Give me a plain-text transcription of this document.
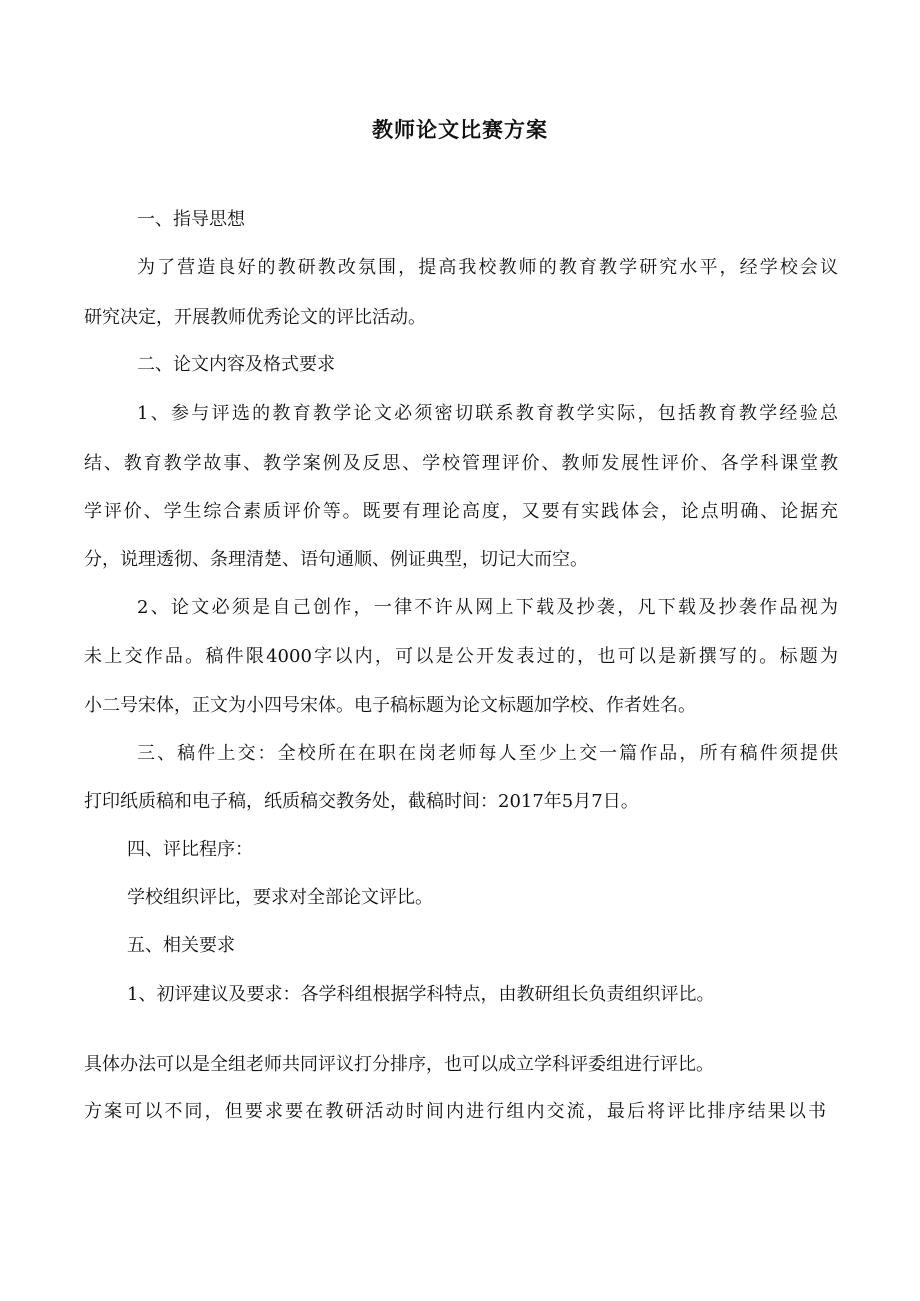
教师论文比赛方案
一、指导思想
为了营造良好的教研教改氛围，提高我校教师的教育教学研究水平，经学校会议
研究决定，开展教师优秀论文的评比活动。
二、论文内容及格式要求
1、参与评选的教育教学论文必须密切联系教育教学实际，包括教育教学经验总
结、教育教学故事、教学案例及反思、学校管理评价、教师发展性评价、各学科课堂教
学评价、学生综合素质评价等。既要有理论高度，又要有实践体会，论点明确、论据充
分，说理透彻、条理清楚、语句通顺、例证典型，切记大而空。
2、论文必须是自己创作，一律不许从网上下载及抄袭，凡下载及抄袭作品视为
未上交作品。稿件限4000字以内，可以是公开发表过的，也可以是新撰写的。标题为
小二号宋体，正文为小四号宋体。电子稿标题为论文标题加学校、作者姓名。
三、稿件上交：全校所在在职在岗老师每人至少上交一篇作品，所有稿件须提供
打印纸质稿和电子稿，纸质稿交教务处，截稿时间：2017年5月7日。
四、评比程序：
学校组织评比，要求对全部论文评比。
五、相关要求
1、初评建议及要求：各学科组根据学科特点，由教研组长负责组织评比。
具体办法可以是全组老师共同评议打分排序，也可以成立学科评委组进行评比。
方案可以不同，但要求要在教研活动时间内进行组内交流，最后将评比排序结果以书
